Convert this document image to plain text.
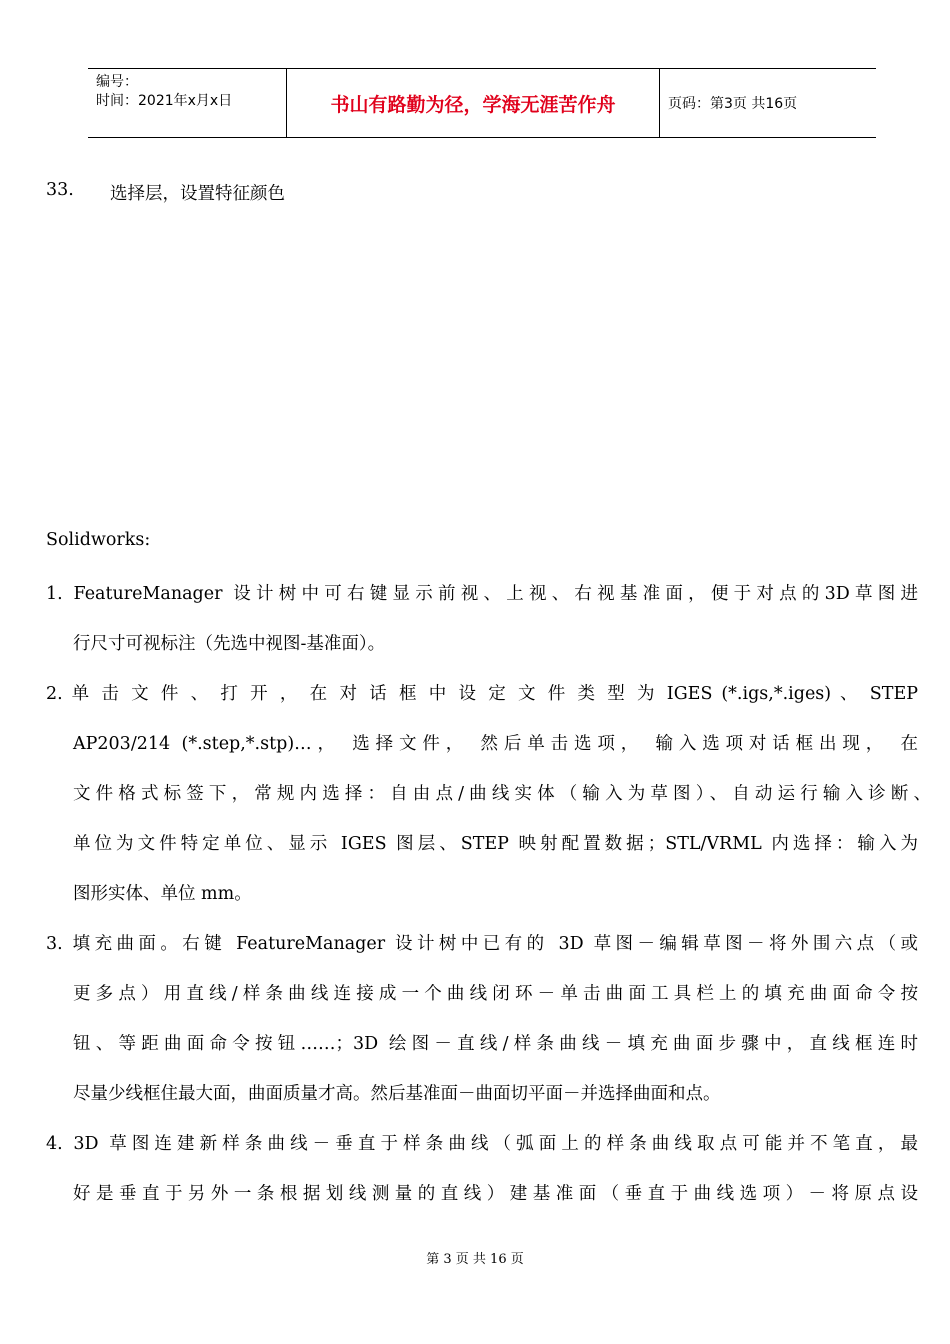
编号：
时间：2021年x月x日	书山有路勤为径，学海无涯苦作舟	页码：第3页 共16页
33. 选择层，设置特征颜色
Solidworks:
1. FeatureManager 设计树中可右键显示前视、上视、右视基准面，便于对点的3D草图进
行尺寸可视标注（先选中视图-基准面）。
2. 单 击 文 件 、 打 开 ， 在 对 话 框 中 设 定 文 件 类 型 为 IGES (*.igs,*.iges) 、 STEP
AP203/214 (*.step,*.stp)…， 选择文件， 然后单击选项， 输入选项对话框出现， 在
文件格式标签下，常规内选择：自由点/曲线实体（输入为草图）、自动运行输入诊断、
单位为文件特定单位、显示 IGES 图层、STEP 映射配置数据；STL/VRML 内选择：输入为
图形实体、单位 mm。
3. 填充曲面。右键 FeatureManager 设计树中已有的 3D 草图－编辑草图－将外围六点（或
更多点）用直线/样条曲线连接成一个曲线闭环－单击曲面工具栏上的填充曲面命令按
钮、等距曲面命令按钮……；3D 绘图－直线/样条曲线－填充曲面步骤中，直线框连时
尽量少线框住最大面，曲面质量才高。然后基准面－曲面切平面－并选择曲面和点。
4. 3D 草图连建新样条曲线－垂直于样条曲线（弧面上的样条曲线取点可能并不笔直，最
好是垂直于另外一条根据划线测量的直线）建基准面（垂直于曲线选项）－将原点设
第 3 页 共 16 页
